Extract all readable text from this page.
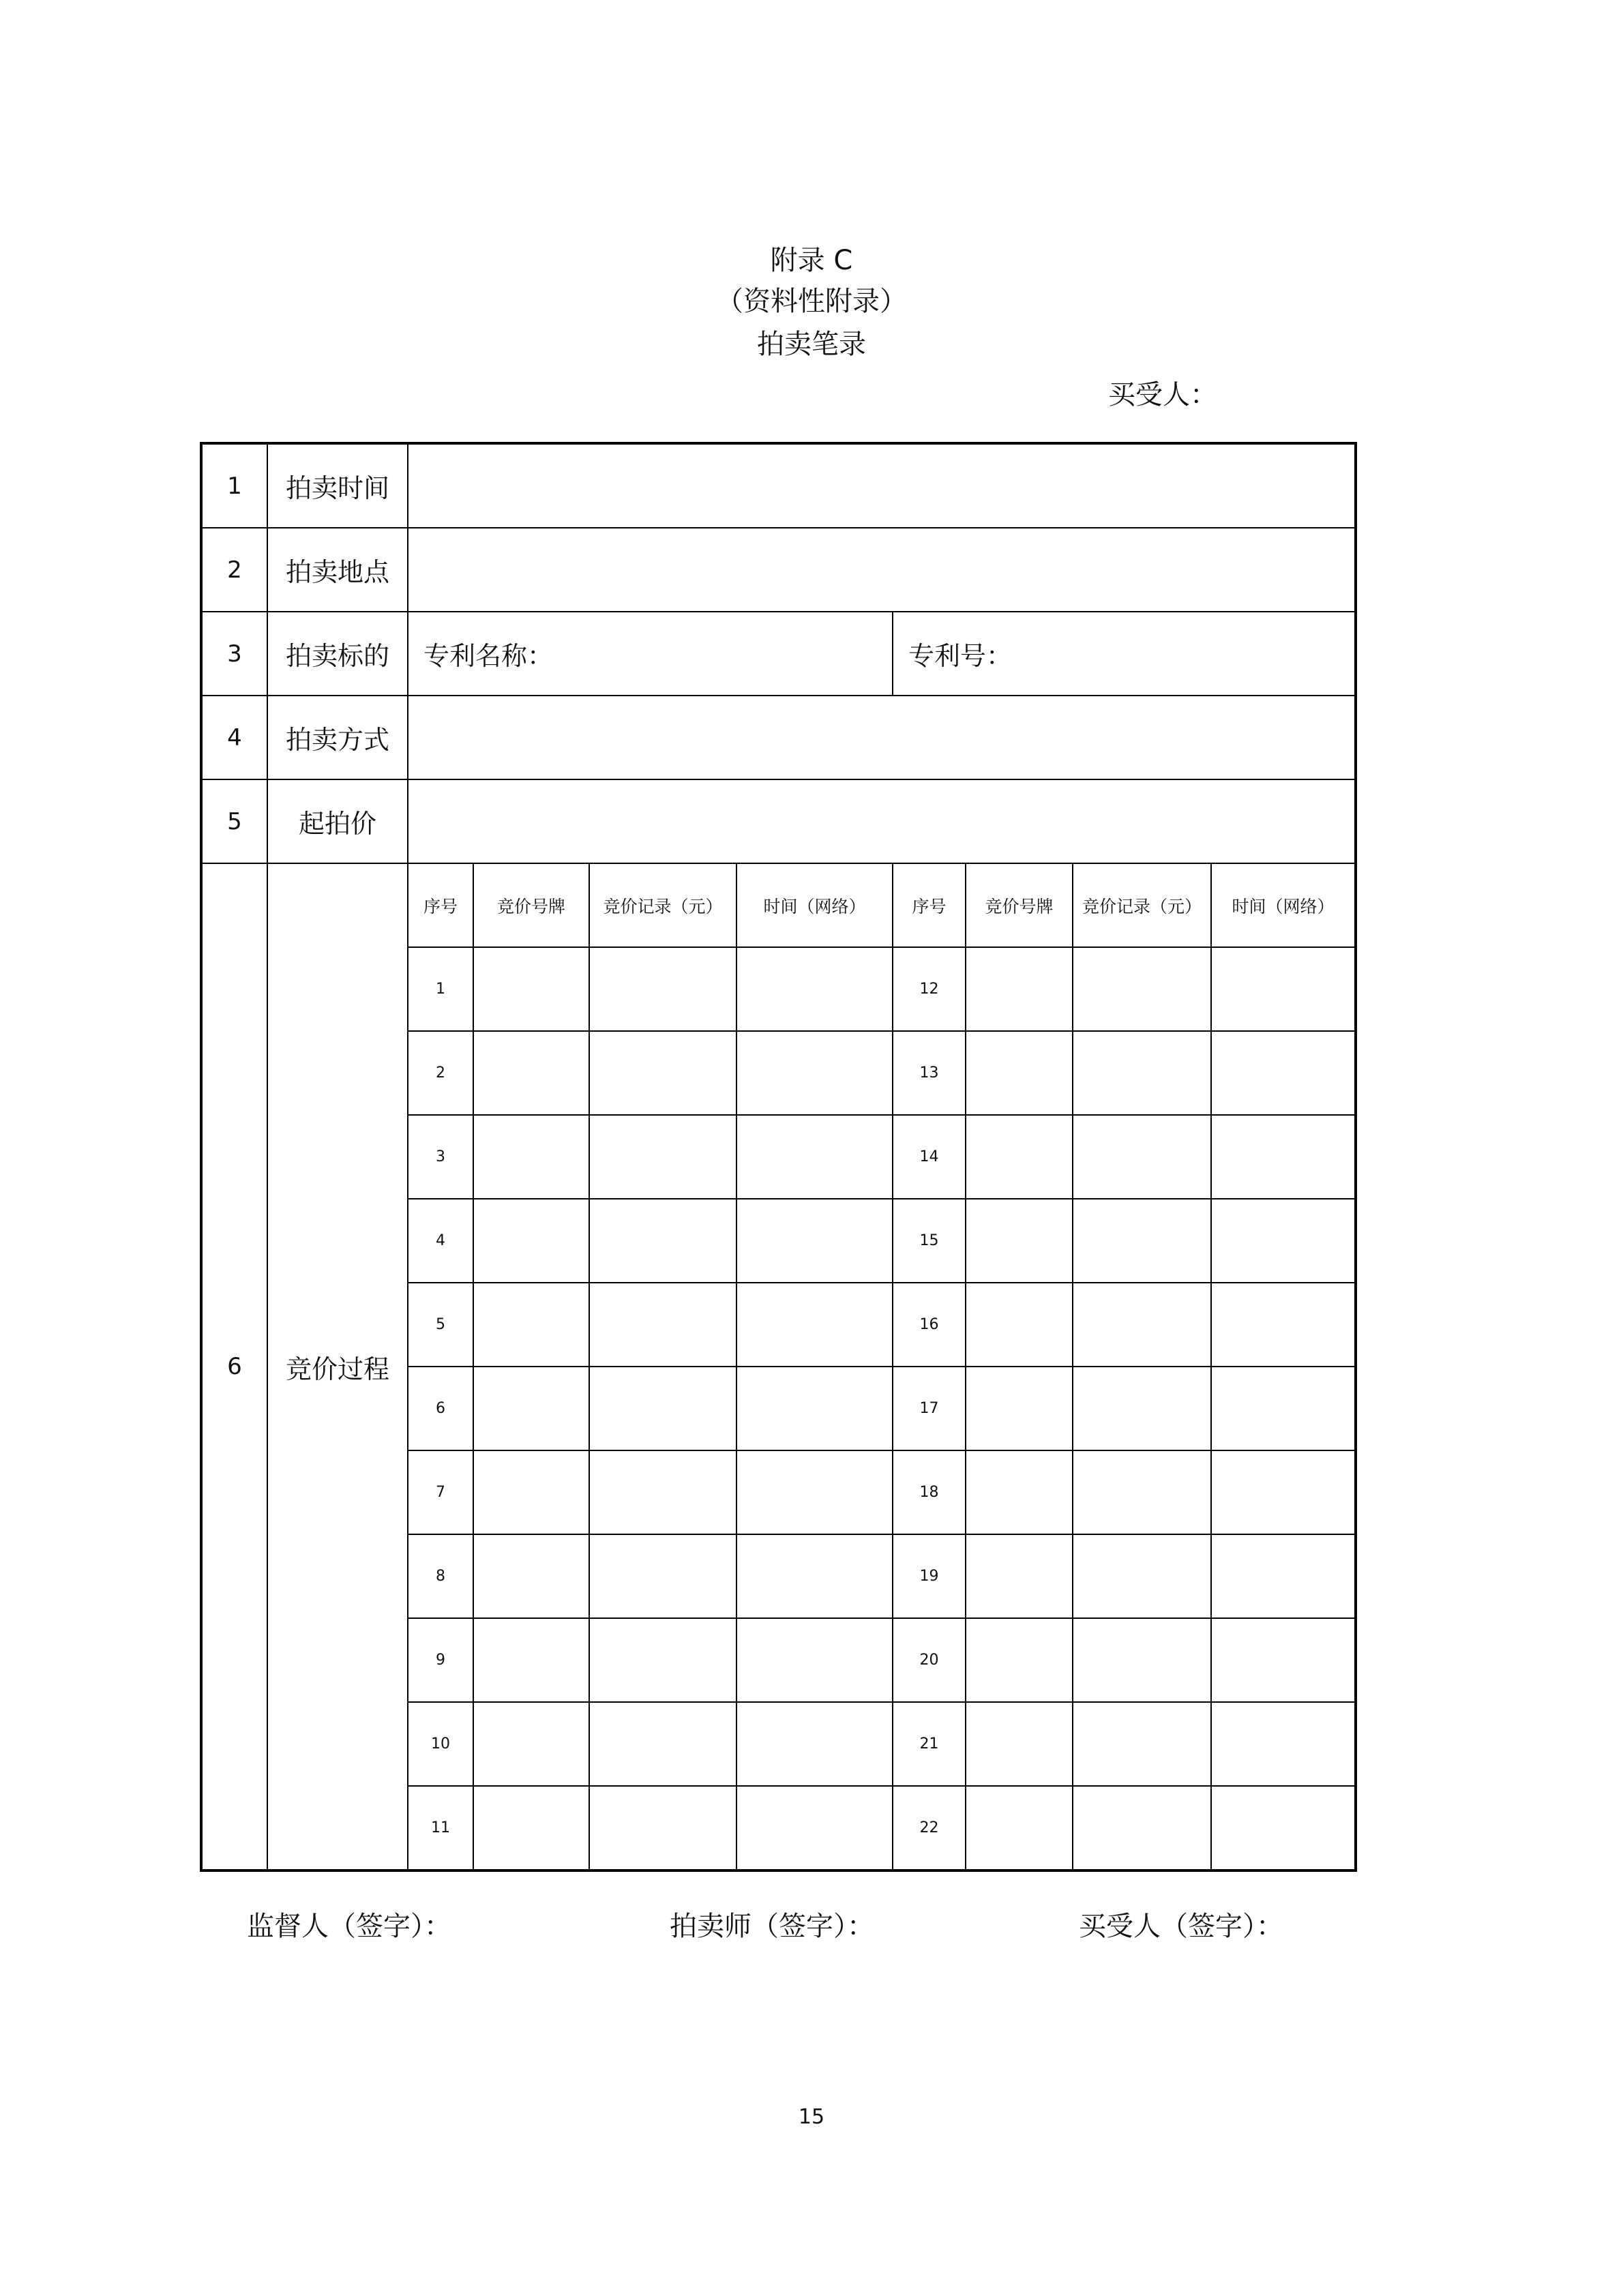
附录 C
（资料性附录）
拍卖笔录
买受人：
1	拍卖时间								
2	拍卖地点								
3	拍卖标的	专利名称：				专利号：			
4	拍卖方式								
5	起拍价								
6	竞价过程	序号	竞价号牌	竞价记录（元）	时间（网络）	序号	竞价号牌	竞价记录（元）	时间（网络）
		1				12			
		2				13			
		3				14			
		4				15			
		5				16			
		6				17			
		7				18			
		8				19			
		9				20			
		10				21			
		11				22			
监督人（签字）：	拍卖师（签字）：	买受人（签字）：
15
